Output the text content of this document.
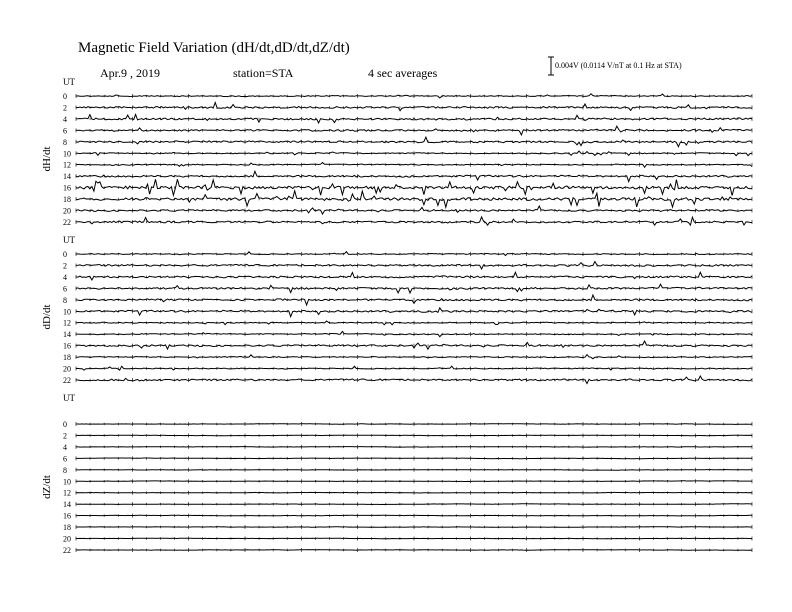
Magnetic Field Variation (dH/dt,dD/dt,dZ/dt)
Apr.9 , 2019	station=STA	4 sec averages
0.004V (0.0114 V/nT at 0.1 Hz at STA)
UT
dH/dt
0
2
4
6
8
10
12
14
16
18
20
22
UT
dD/dt
0
2
4
6
8
10
12
14
16
18
20
22
UT
dZ/dt
0
2
4
6
8
10
12
14
16
18
20
22
